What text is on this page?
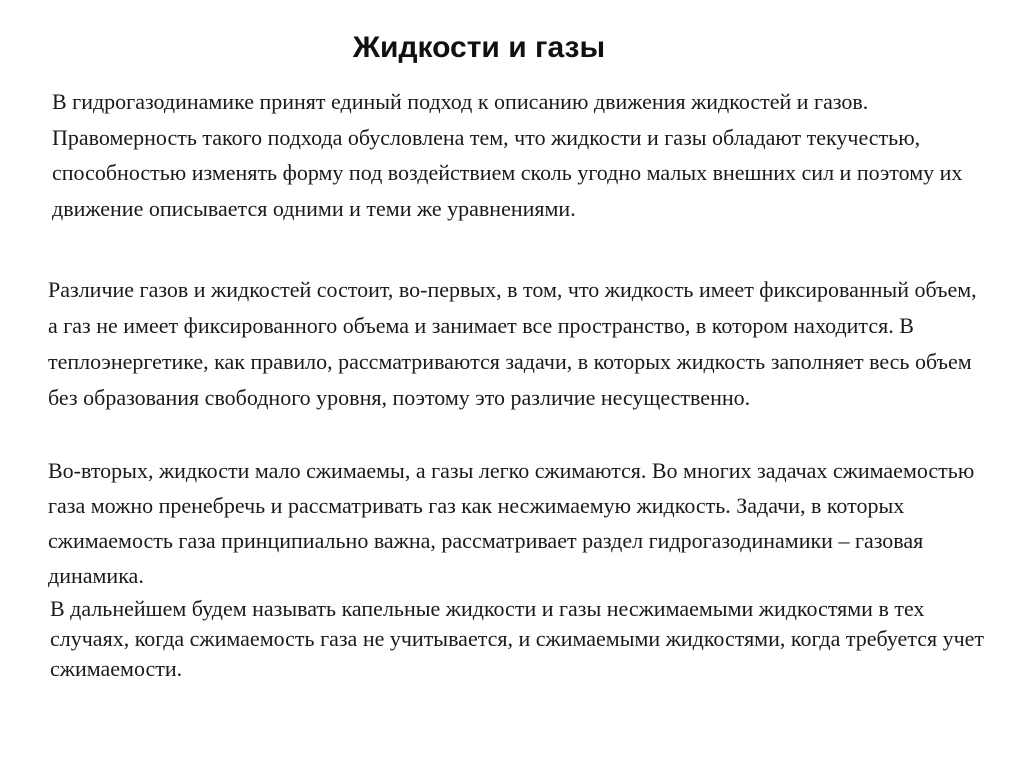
Жидкости и газы

В гидрогазодинамике принят единый подход к описанию движения жидкостей и газов. Правомерность такого подхода обусловлена тем, что жидкости и газы обладают текучестью, способностью изменять форму под воздействием сколь угодно малых внешних сил и поэтому их движение описывается одними и теми же уравнениями.

Различие газов и жидкостей состоит, во-первых, в том, что жидкость имеет фиксированный объем, а газ не имеет фиксированного объема и занимает все пространство, в котором находится. В теплоэнергетике, как правило, рассматриваются задачи, в которых жидкость заполняет весь объем без образования свободного уровня, поэтому это различие несущественно.

Во-вторых, жидкости мало сжимаемы, а газы легко сжимаются. Во многих задачах сжимаемостью газа можно пренебречь и рассматривать газ как несжимаемую жидкость. Задачи, в которых сжимаемость газа принципиально важна, рассматривает раздел гидрогазодинамики – газовая динамика.

В дальнейшем будем называть капельные жидкости и газы несжимаемыми жидкостями в тех случаях, когда сжимаемость газа не учитывается, и сжимаемыми жидкостями, когда требуется учет сжимаемости.
